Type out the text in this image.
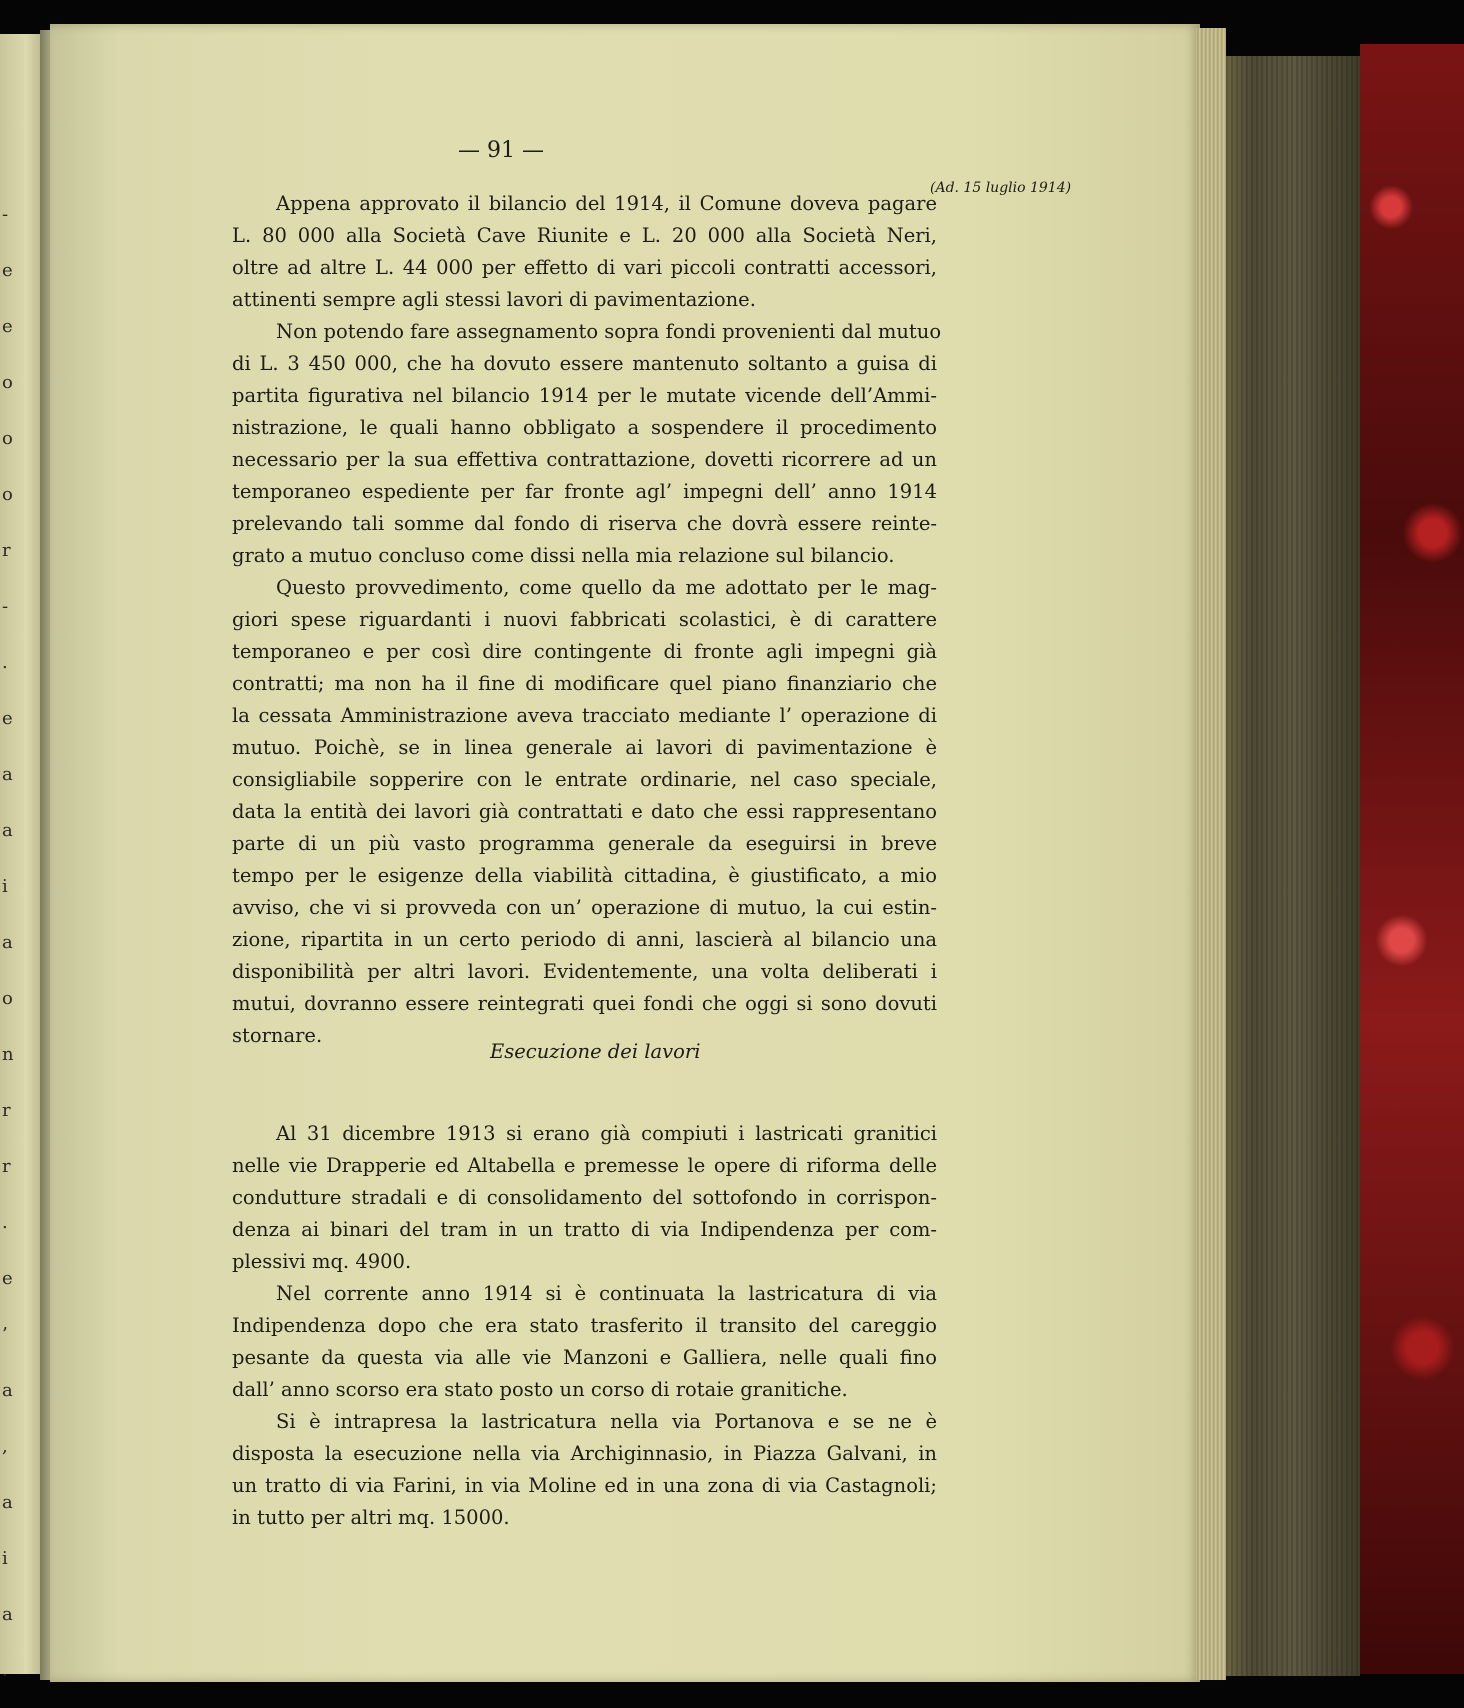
-
e
e
o
o
o
r
-
.
e
a
a
i
a
o
n
r
r
.
e
’
a
,
a
i
a
.
— 91 —
(Ad. 15 luglio 1914)
Esecuzione dei lavori
Appena approvato il bilancio del 1914, il Comune doveva pagare
L. 80 000 alla Società Cave Riunite e L. 20 000 alla Società Neri,
oltre ad altre L. 44 000 per effetto di vari piccoli contratti accessori,
attinenti sempre agli stessi lavori di pavimentazione.
Non potendo fare assegnamento sopra fondi provenienti dal mutuo
di L. 3 450 000, che ha dovuto essere mantenuto soltanto a guisa di
partita figurativa nel bilancio 1914 per le mutate vicende dell’Ammi-
nistrazione, le quali hanno obbligato a sospendere il procedimento
necessario per la sua effettiva contrattazione, dovetti ricorrere ad un
temporaneo espediente per far fronte agl’ impegni dell’ anno 1914
prelevando tali somme dal fondo di riserva che dovrà essere reinte-
grato a mutuo concluso come dissi nella mia relazione sul bilancio.
Questo provvedimento, come quello da me adottato per le mag-
giori spese riguardanti i nuovi fabbricati scolastici, è di carattere
temporaneo e per così dire contingente di fronte agli impegni già
contratti; ma non ha il fine di modificare quel piano finanziario che
la cessata Amministrazione aveva tracciato mediante l’ operazione di
mutuo. Poichè, se in linea generale ai lavori di pavimentazione è
consigliabile sopperire con le entrate ordinarie, nel caso speciale,
data la entità dei lavori già contrattati e dato che essi rappresentano
parte di un più vasto programma generale da eseguirsi in breve
tempo per le esigenze della viabilità cittadina, è giustificato, a mio
avviso, che vi si provveda con un’ operazione di mutuo, la cui estin-
zione, ripartita in un certo periodo di anni, lascierà al bilancio una
disponibilità per altri lavori. Evidentemente, una volta deliberati i
mutui, dovranno essere reintegrati quei fondi che oggi si sono dovuti
stornare.
Al 31 dicembre 1913 si erano già compiuti i lastricati granitici
nelle vie Drapperie ed Altabella e premesse le opere di riforma delle
condutture stradali e di consolidamento del sottofondo in corrispon-
denza ai binari del tram in un tratto di via Indipendenza per com-
plessivi mq. 4900.
Nel corrente anno 1914 si è continuata la lastricatura di via
Indipendenza dopo che era stato trasferito il transito del careggio
pesante da questa via alle vie Manzoni e Galliera, nelle quali fino
dall’ anno scorso era stato posto un corso di rotaie granitiche.
Si è intrapresa la lastricatura nella via Portanova e se ne è
disposta la esecuzione nella via Archiginnasio, in Piazza Galvani, in
un tratto di via Farini, in via Moline ed in una zona di via Castagnoli;
in tutto per altri mq. 15000.
